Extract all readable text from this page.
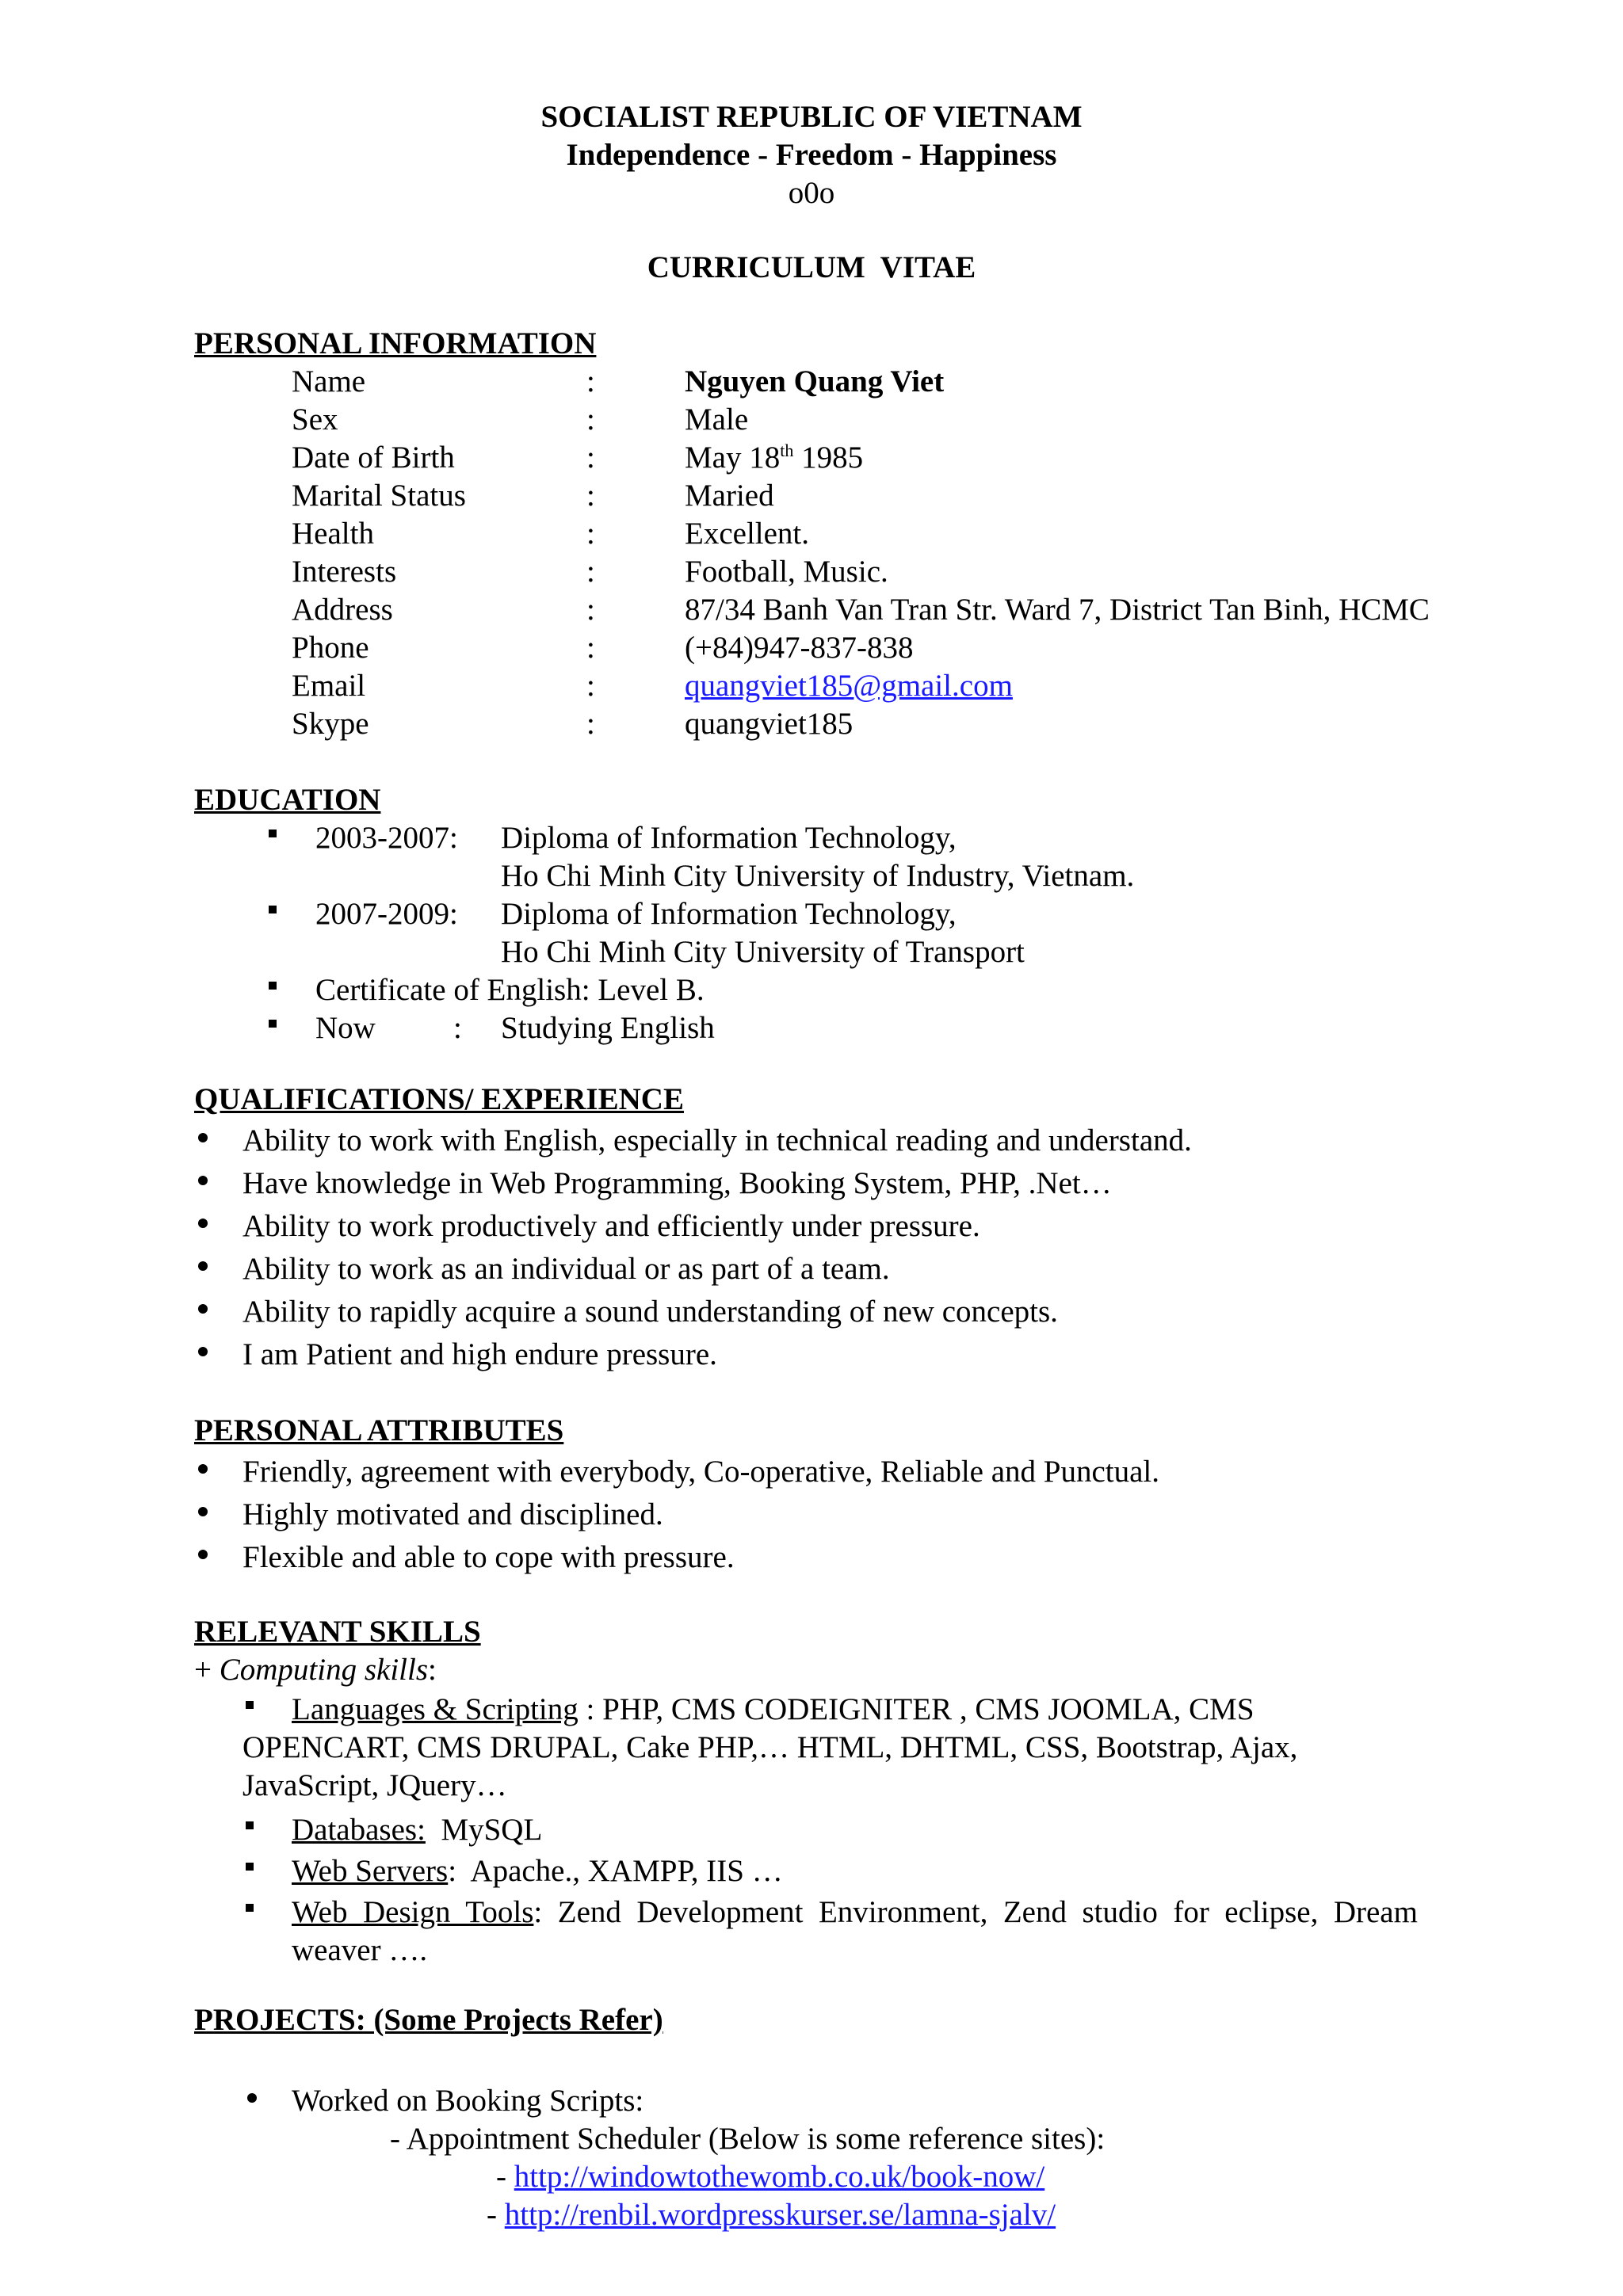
SOCIALIST REPUBLIC OF VIETNAM
Independence - Freedom - Happiness
o0o
CURRICULUM  VITAE
PERSONAL INFORMATION
Name	:	Nguyen Quang Viet
Sex	:	Male
Date of Birth	:	May 18th 1985
Marital Status	:	Maried
Health	:	Excellent.
Interests	:	Football, Music.
Address	:	87/34 Banh Van Tran Str. Ward 7, District Tan Binh, HCMC
Phone	:	(+84)947-837-838
Email	:	quangviet185@gmail.com
Skype	:	quangviet185
EDUCATION
2003-2007: Diploma of Information Technology,
Ho Chi Minh City University of Industry, Vietnam.
2007-2009: Diploma of Information Technology,
Ho Chi Minh City University of Transport
Certificate of English: Level B.
Now	: Studying English
QUALIFICATIONS/ EXPERIENCE
Ability to work with English, especially in technical reading and understand.
Have knowledge in Web Programming, Booking System, PHP, .Net…
Ability to work productively and efficiently under pressure.
Ability to work as an individual or as part of a team.
Ability to rapidly acquire a sound understanding of new concepts.
I am Patient and high endure pressure.
PERSONAL ATTRIBUTES
Friendly, agreement with everybody, Co-operative, Reliable and Punctual.
Highly motivated and disciplined.
Flexible and able to cope with pressure.
RELEVANT SKILLS
+ Computing skills:
Languages & Scripting : PHP, CMS CODEIGNITER , CMS JOOMLA, CMS
OPENCART, CMS DRUPAL, Cake PHP,… HTML, DHTML, CSS, Bootstrap, Ajax,
JavaScript, JQuery…
Databases:  MySQL
Web Servers:  Apache., XAMPP, IIS …
Web  Design  Tools:  Zend  Development  Environment,  Zend  studio  for  eclipse,  Dream
weaver ….
PROJECTS: (Some Projects Refer)
Worked on Booking Scripts:
- Appointment Scheduler (Below is some reference sites):
- http://windowtothewomb.co.uk/book-now/
- http://renbil.wordpresskurser.se/lamna-sjalv/
